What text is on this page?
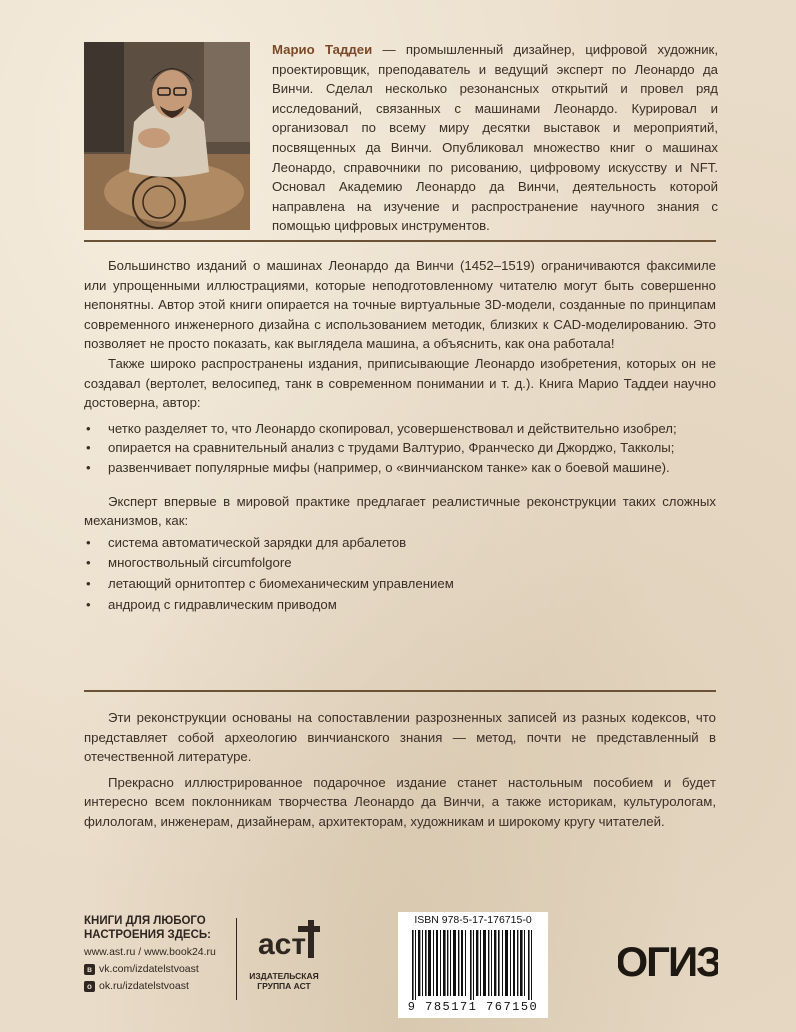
Марио Таддеи — промышленный дизайнер, цифровой художник, проектировщик, преподаватель и ведущий эксперт по Леонардо да Винчи. Сделал несколько резонансных открытий и провел ряд исследований, связанных с машинами Леонардо. Курировал и организовал по всему миру десятки выставок и мероприятий, посвященных да Винчи. Опубликовал множество книг о машинах Леонардо, справочники по рисованию, цифровому искусству и NFT. Основал Академию Леонардо да Винчи, деятельность которой направлена на изучение и распространение научного знания с помощью цифровых инструментов.

Большинство изданий о машинах Леонардо да Винчи (1452–1519) ограничиваются факсимиле или упрощенными иллюстрациями, которые неподготовленному читателю могут быть совершенно непонятны. Автор этой книги опирается на точные виртуальные 3D-модели, созданные по принципам современного инженерного дизайна с использованием методик, близких к CAD-моделированию. Это позволяет не просто показать, как выглядела машина, а объяснить, как она работала!

Также широко распространены издания, приписывающие Леонардо изобретения, которых он не создавал (вертолет, велосипед, танк в современном понимании и т. д.). Книга Марио Таддеи научно достоверна, автор:

• четко разделяет то, что Леонардо скопировал, усовершенствовал и действительно изобрел;
• опирается на сравнительный анализ с трудами Валтурио, Франческо ди Джорджо, Такколы;
• развенчивает популярные мифы (например, о «винчианском танке» как о боевой машине).

Эксперт впервые в мировой практике предлагает реалистичные реконструкции таких сложных механизмов, как:

• система автоматической зарядки для арбалетов
• многоствольный circumfolgore
• летающий орнитоптер с биомеханическим управлением
• андроид с гидравлическим приводом

Эти реконструкции основаны на сопоставлении разрозненных записей из разных кодексов, что представляет собой археологию винчианского знания — метод, почти не представленный в отечественной литературе.

Прекрасно иллюстрированное подарочное издание станет настольным пособием и будет интересно всем поклонникам творчества Леонардо да Винчи, а также историкам, культурологам, филологам, инженерам, дизайнерам, архитекторам, художникам и широкому кругу читателей.

КНИГИ ДЛЯ ЛЮБОГО
НАСТРОЕНИЯ ЗДЕСЬ:
www.ast.ru / www.book24.ru
в vk.com/izdatelstvoast
о ok.ru/izdatelstvoast
аст
ИЗДАТЕЛЬСКАЯ
ГРУППА АСТ
ISBN 978-5-17-176715-0
9 785171 767150
ОГИЗ
